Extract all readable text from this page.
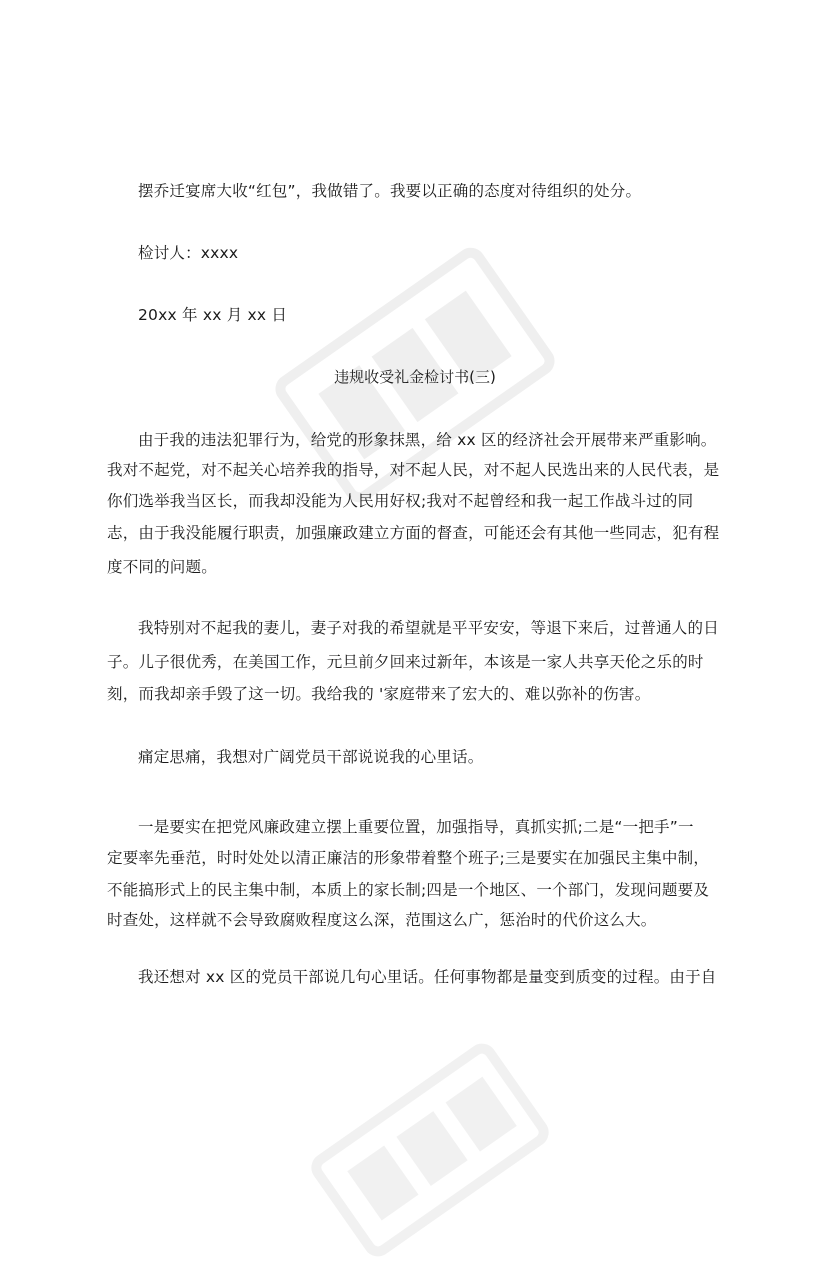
摆乔迁宴席大收“红包”，我做错了。我要以正确的态度对待组织的处分。
检讨人：xxxx
20xx 年 xx 月 xx 日
违规收受礼金检讨书(三)
由于我的违法犯罪行为，给党的形象抹黑，给 xx 区的经济社会开展带来严重影响。
我对不起党，对不起关心培养我的指导，对不起人民，对不起人民选出来的人民代表，是
你们选举我当区长，而我却没能为人民用好权;我对不起曾经和我一起工作战斗过的同
志，由于我没能履行职责，加强廉政建立方面的督查，可能还会有其他一些同志，犯有程
度不同的问题。
我特别对不起我的妻儿，妻子对我的希望就是平平安安，等退下来后，过普通人的日
子。儿子很优秀，在美国工作，元旦前夕回来过新年，本该是一家人共享天伦之乐的时
刻，而我却亲手毁了这一切。我给我的 '家庭带来了宏大的、难以弥补的伤害。
痛定思痛，我想对广阔党员干部说说我的心里话。
一是要实在把党风廉政建立摆上重要位置，加强指导，真抓实抓;二是“一把手”一
定要率先垂范，时时处处以清正廉洁的形象带着整个班子;三是要实在加强民主集中制，
不能搞形式上的民主集中制，本质上的家长制;四是一个地区、一个部门，发现问题要及
时查处，这样就不会导致腐败程度这么深，范围这么广，惩治时的代价这么大。
我还想对 xx 区的党员干部说几句心里话。任何事物都是量变到质变的过程。由于自
